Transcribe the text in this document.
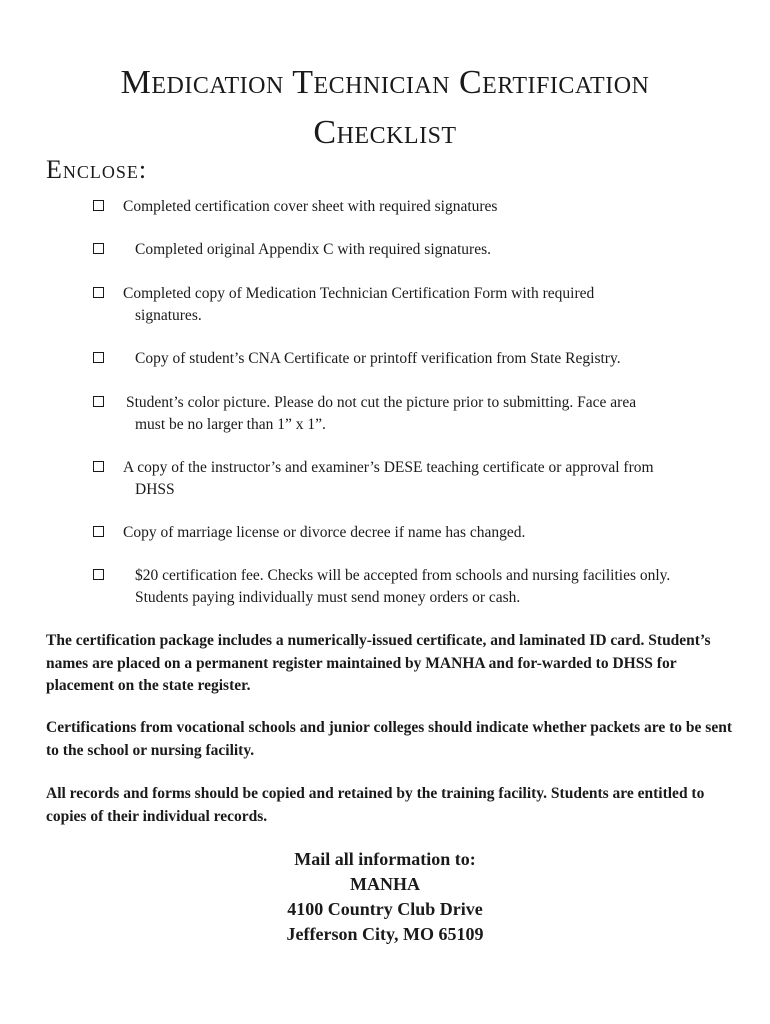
Medication Technician Certification
Checklist
Enclose:
Completed certification cover sheet with required signatures
Completed original Appendix C with required signatures.
Completed copy of Medication Technician Certification Form with required
signatures.
Copy of student’s CNA Certificate or printoff verification from State Registry.
Student’s color picture. Please do not cut the picture prior to submitting. Face area
must be no larger than 1” x 1”.
A copy of the instructor’s and examiner’s DESE teaching certificate or approval from
DHSS
Copy of marriage license or divorce decree if name has changed.
$20 certification fee. Checks will be accepted from schools and nursing facilities only.
Students paying individually must send money orders or cash.

The certification package includes a numerically-issued certificate, and laminated ID card. Student’s names are placed on a permanent register maintained by MANHA and for-warded to DHSS for placement on the state register.

Certifications from vocational schools and junior colleges should indicate whether packets are to be sent to the school or nursing facility.

All records and forms should be copied and retained by the training facility. Students are entitled to copies of their individual records.

Mail all information to:
MANHA
4100 Country Club Drive
Jefferson City, MO 65109
